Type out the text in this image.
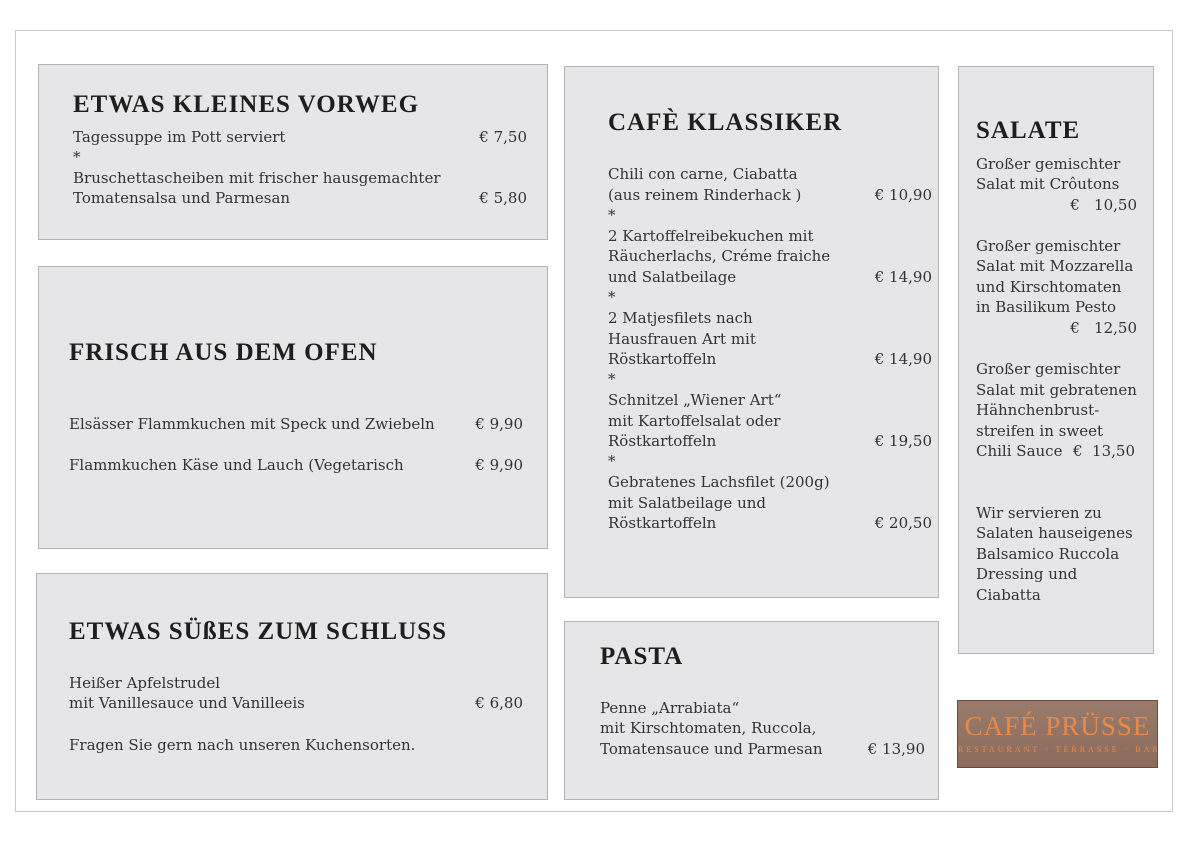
ETWAS KLEINES VORWEG
Tagessuppe im Pott serviert	€ 7,50
*
Bruschettascheiben mit frischer hausgemachter
Tomatensalsa und Parmesan	€ 5,80
FRISCH AUS DEM OFEN
Elsässer Flammkuchen mit Speck und Zwiebeln	€ 9,90
Flammkuchen Käse und Lauch (Vegetarisch	€ 9,90
ETWAS SÜßES ZUM SCHLUSS
Heißer Apfelstrudel
mit Vanillesauce und Vanilleeis	€ 6,80
Fragen Sie gern nach unseren Kuchensorten.
CAFÈ KLASSIKER
Chili con carne, Ciabatta
(aus reinem Rinderhack )	€ 10,90
*
2 Kartoffelreibekuchen mit
Räucherlachs, Créme fraiche
und Salatbeilage	€ 14,90
*
2 Matjesfilets nach
Hausfrauen Art mit
Röstkartoffeln	€ 14,90
*
Schnitzel „Wiener Art“
mit Kartoffelsalat oder
Röstkartoffeln	€ 19,50
*
Gebratenes Lachsfilet (200g)
mit Salatbeilage und
Röstkartoffeln	€ 20,50
PASTA
Penne „Arrabiata“
mit Kirschtomaten, Ruccola,
Tomatensauce und Parmesan	€ 13,90
SALATE
Großer gemischter
Salat mit Crôutons
€   10,50
Großer gemischter
Salat mit Mozzarella
und Kirschtomaten
in Basilikum Pesto
€   12,50
Großer gemischter
Salat mit gebratenen
Hähnchenbrust-
streifen in sweet
Chili Sauce €  13,50
Wir servieren zu
Salaten hauseigenes
Balsamico Ruccola
Dressing und
Ciabatta
CAFÉ PRÜSSE
RESTAURANT · TERRASSE · BAR
